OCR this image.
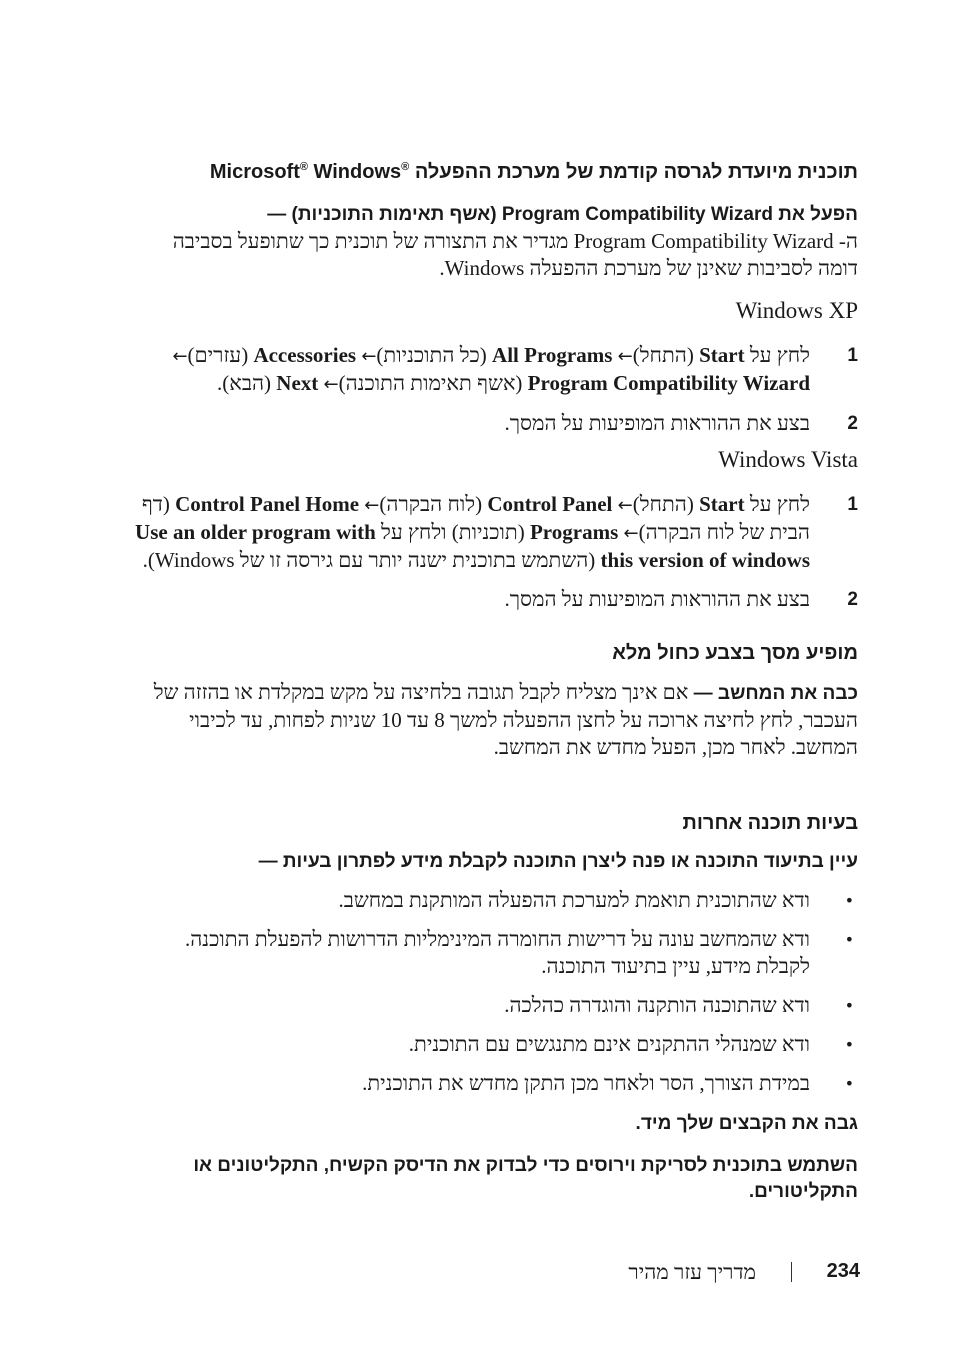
תוכנית מיועדת לגרסה קודמת של מערכת ההפעלה Microsoft® Windows®

הפעל את Program Compatibility Wizard (אשף תאימות התוכניות) —

ה- Program Compatibility Wizard מגדיר את התצורה של תוכנית כך שתופעל בסביבה דומה לסביבות שאינן של מערכת ההפעלה Windows.

Windows XP

1
לחץ על Start (התחל)← All Programs (כל התוכניות)← Accessories (עזרים)← Program Compatibility Wizard (אשף תאימות התוכנה)← Next (הבא).
2
בצע את ההוראות המופיעות על המסך.

Windows Vista

1
לחץ על Start (התחל)← Control Panel (לוח הבקרה)← Control Panel Home (דף הבית של לוח הבקרה)← Programs (תוכניות) ולחץ על Use an older program with this version of windows (השתמש בתוכנית ישנה יותר עם גירסה זו של Windows).
2
בצע את ההוראות המופיעות על המסך.
מופיע מסך בצבע כחול מלא

כבה את המחשב — אם אינך מצליח לקבל תגובה בלחיצה על מקש במקלדת או בהזזה של העכבר, לחץ לחיצה ארוכה על לחצן ההפעלה למשך 8 עד 10 שניות לפחות, עד לכיבוי המחשב. לאחר מכן, הפעל מחדש את המחשב.

בעיות תוכנה אחרות

עיין בתיעוד התוכנה או פנה ליצרן התוכנה לקבלת מידע לפתרון בעיות —

•
ודא שהתוכנית תואמת למערכת ההפעלה המותקנת במחשב.
•
ודא שהמחשב עונה על דרישות החומרה המינימליות הדרושות להפעלת התוכנה. לקבלת מידע, עיין בתיעוד התוכנה.
•
ודא שהתוכנה הותקנה והוגדרה כהלכה.
•
ודא שמנהלי ההתקנים אינם מתנגשים עם התוכנית.
•
במידת הצורך, הסר ולאחר מכן התקן מחדש את התוכנית.

גבה את הקבצים שלך מיד.

השתמש בתוכנית לסריקת וירוסים כדי לבדוק את הדיסק הקשיח, התקליטונים או התקליטורים.

234
מדריך עזר מהיר
